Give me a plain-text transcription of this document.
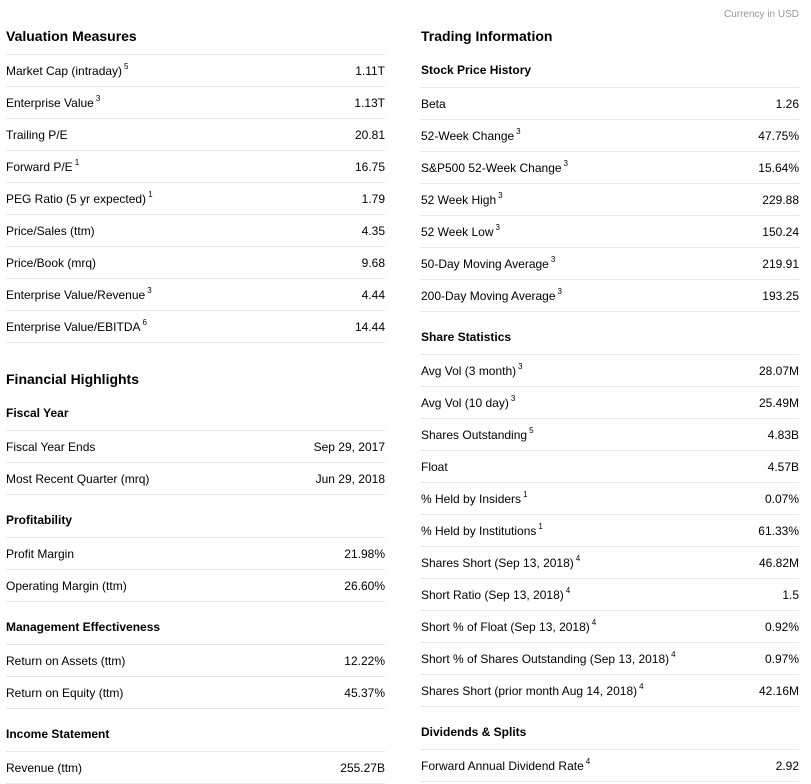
Currency in USD
Valuation Measures
Market Cap (intraday) $^5$	1.11T
Enterprise Value $^3$	1.13T
Trailing P/E	20.81
Forward P/E $^1$	16.75
PEG Ratio (5 yr expected) $^1$	1.79
Price/Sales (ttm)	4.35
Price/Book (mrq)	9.68
Enterprise Value/Revenue $^3$	4.44
Enterprise Value/EBITDA $^6$	14.44
Financial Highlights
Fiscal Year
Fiscal Year Ends	Sep 29, 2017
Most Recent Quarter (mrq)	Jun 29, 2018
Profitability
Profit Margin	21.98%
Operating Margin (ttm)	26.60%
Management Effectiveness
Return on Assets (ttm)	12.22%
Return on Equity (ttm)	45.37%
Income Statement
Revenue (ttm)	255.27B
Trading Information
Stock Price History
Beta	1.26
52-Week Change $^3$	47.75%
S&P500 52-Week Change $^3$	15.64%
52 Week High $^3$	229.88
52 Week Low $^3$	150.24
50-Day Moving Average $^3$	219.91
200-Day Moving Average $^3$	193.25
Share Statistics
Avg Vol (3 month) $^3$	28.07M
Avg Vol (10 day) $^3$	25.49M
Shares Outstanding $^5$	4.83B
Float	4.57B
% Held by Insiders $^1$	0.07%
% Held by Institutions $^1$	61.33%
Shares Short (Sep 13, 2018) $^4$	46.82M
Short Ratio (Sep 13, 2018) $^4$	1.5
Short % of Float (Sep 13, 2018) $^4$	0.92%
Short % of Shares Outstanding (Sep 13, 2018) $^4$	0.97%
Shares Short (prior month Aug 14, 2018) $^4$	42.16M
Dividends & Splits
Forward Annual Dividend Rate $^4$	2.92
